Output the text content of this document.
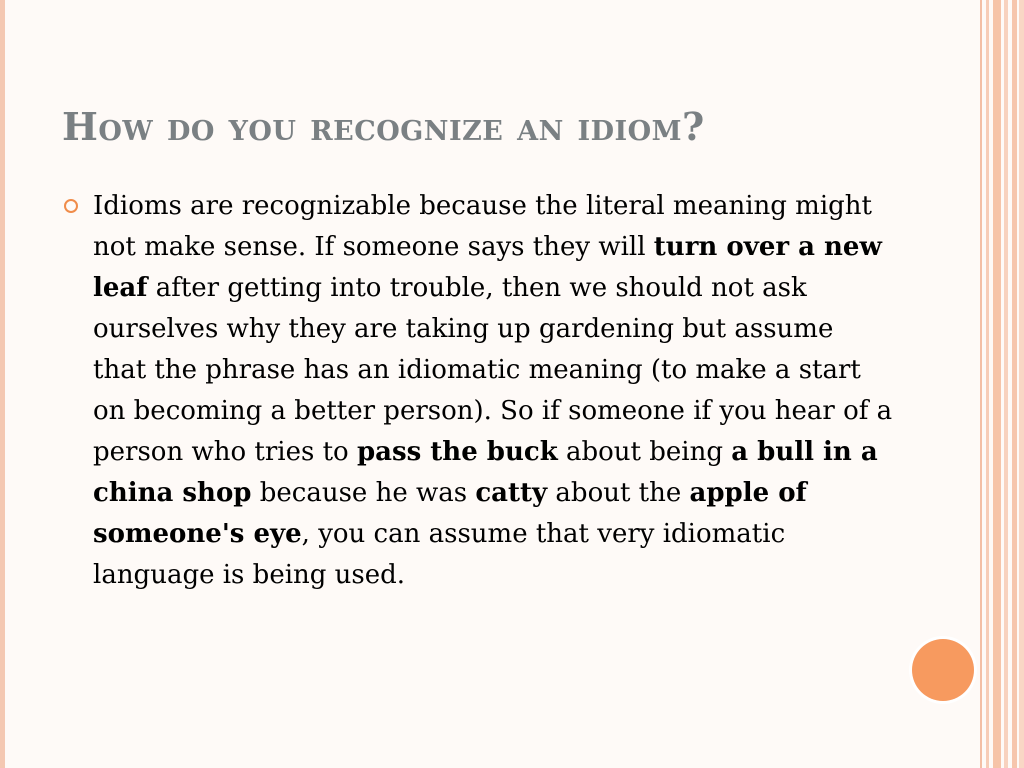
How do you recognize an idiom?

Idioms are recognizable because the literal meaning might not make sense. If someone says they will turn over a new leaf after getting into trouble, then we should not ask ourselves why they are taking up gardening but assume that the phrase has an idiomatic meaning (to make a start on becoming a better person). So if someone if you hear of a person who tries to pass the buck about being a bull in a china shop because he was catty about the apple of someone's eye, you can assume that very idiomatic language is being used.
